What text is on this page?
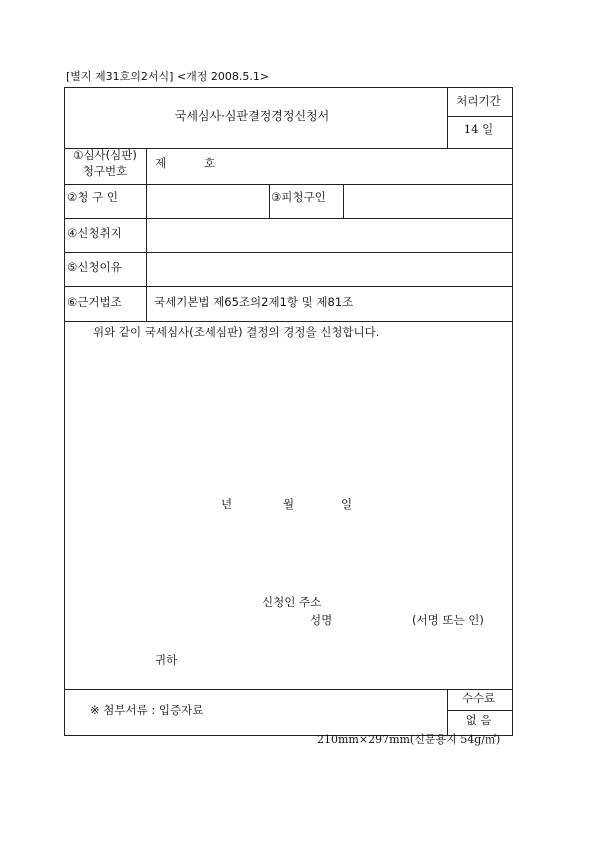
[별지 제31호의2서식] <개정 2008.5.1>
국세심사·심판결정경정신청서
처리기간
14 일
①심사(심판)
청구번호
제	호
②청 구 인	③피청구인
④신청취지
⑤신청이유
⑥근거법조	국세기본법 제65조의2제1항 및 제81조
위와 같이 국세심사(조세심판) 결정의 경정을 신청합니다.
년	월	일
신청인 주소
성명	(서명 또는 인)
귀하
※ 첨부서류 : 입증자료
수수료
없 음
210mm×297mm(신문용지 54g/㎡)
